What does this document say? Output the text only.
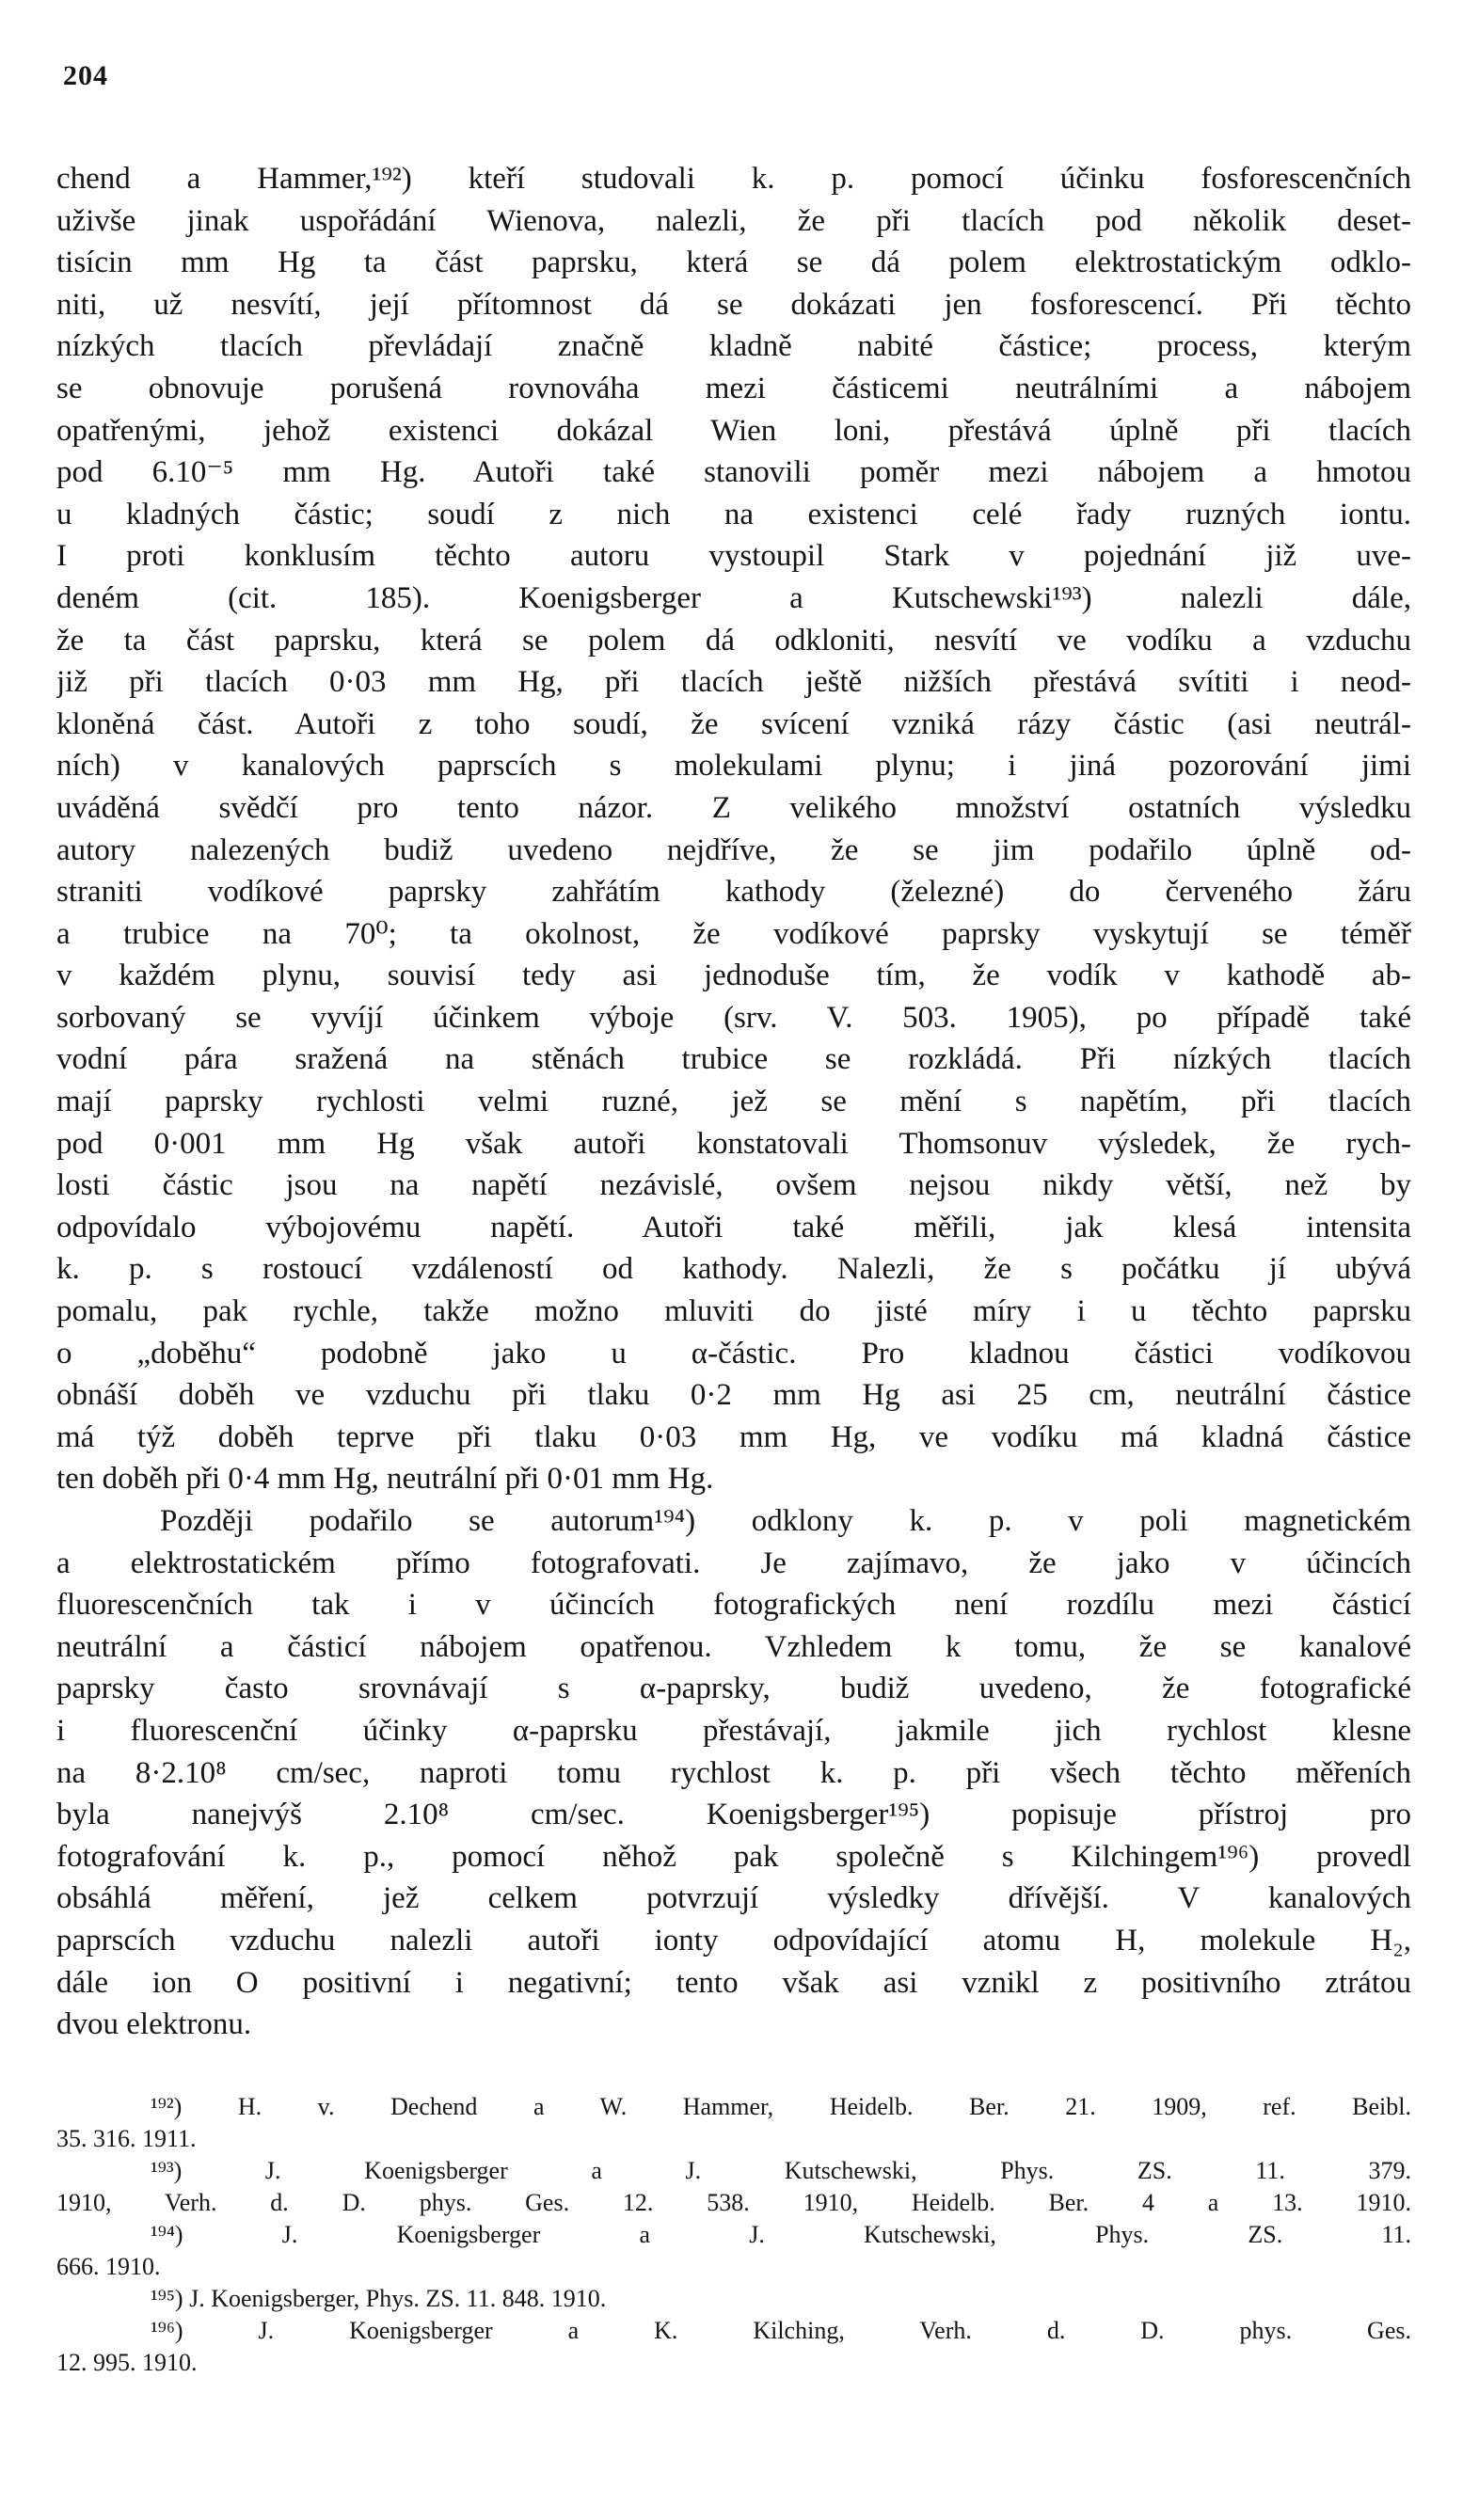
204
chend a Hammer,¹⁹²) kteří studovali k. p. pomocí účinku fosforescenčních
uživše jinak uspořádání Wienova, nalezli, že při tlacích pod několik deset-
tisícin mm Hg ta část paprsku, která se dá polem elektrostatickým odklo-
niti, už nesvítí, její přítomnost dá se dokázati jen fosforescencí. Při těchto
nízkých tlacích převládají značně kladně nabité částice; process, kterým
se obnovuje porušená rovnováha mezi částicemi neutrálními a nábojem
opatřenými, jehož existenci dokázal Wien loni, přestává úplně při tlacích
pod 6.10⁻⁵ mm Hg. Autoři také stanovili poměr mezi nábojem a hmotou
u kladných částic; soudí z nich na existenci celé řady ruzných iontu.
I proti konklusím těchto autoru vystoupil Stark v pojednání již uve-
deném (cit. 185). Koenigsberger a Kutschewski¹⁹³) nalezli dále,
že ta část paprsku, která se polem dá odkloniti, nesvítí ve vodíku a vzduchu
již při tlacích 0·03 mm Hg, při tlacích ještě nižších přestává svítiti i neod-
kloněná část. Autoři z toho soudí, že svícení vzniká rázy částic (asi neutrál-
ních) v kanalových paprscích s molekulami plynu; i jiná pozorování jimi
uváděná svědčí pro tento názor. Z velikého množství ostatních výsledku
autory nalezených budiž uvedeno nejdříve, že se jim podařilo úplně od-
straniti vodíkové paprsky zahřátím kathody (železné) do červeného žáru
a trubice na 70⁰; ta okolnost, že vodíkové paprsky vyskytují se téměř
v každém plynu, souvisí tedy asi jednoduše tím, že vodík v kathodě ab-
sorbovaný se vyvíjí účinkem výboje (srv. V. 503. 1905), po případě také
vodní pára sražená na stěnách trubice se rozkládá. Při nízkých tlacích
mají paprsky rychlosti velmi ruzné, jež se mění s napětím, při tlacích
pod 0·001 mm Hg však autoři konstatovali Thomsonuv výsledek, že rych-
losti částic jsou na napětí nezávislé, ovšem nejsou nikdy větší, než by
odpovídalo výbojovému napětí. Autoři také měřili, jak klesá intensita
k. p. s rostoucí vzdáleností od kathody. Nalezli, že s počátku jí ubývá
pomalu, pak rychle, takže možno mluviti do jisté míry i u těchto paprsku
o „doběhu“ podobně jako u α-částic. Pro kladnou částici vodíkovou
obnáší doběh ve vzduchu při tlaku 0·2 mm Hg asi 25 cm, neutrální částice
má týž doběh teprve při tlaku 0·03 mm Hg, ve vodíku má kladná částice
ten doběh při 0·4 mm Hg, neutrální při 0·01 mm Hg.
Později podařilo se autorum¹⁹⁴) odklony k. p. v poli magnetickém
a elektrostatickém přímo fotografovati. Je zajímavo, že jako v účincích
fluorescenčních tak i v účincích fotografických není rozdílu mezi částicí
neutrální a částicí nábojem opatřenou. Vzhledem k tomu, že se kanalové
paprsky často srovnávají s α-paprsky, budiž uvedeno, že fotografické
i fluorescenční účinky α-paprsku přestávají, jakmile jich rychlost klesne
na 8·2.10⁸ cm/sec, naproti tomu rychlost k. p. při všech těchto měřeních
byla nanejvýš 2.10⁸ cm/sec. Koenigsberger¹⁹⁵) popisuje přístroj pro
fotografování k. p., pomocí něhož pak společně s Kilchingem¹⁹⁶) provedl
obsáhlá měření, jež celkem potvrzují výsledky dřívější. V kanalových
paprscích vzduchu nalezli autoři ionty odpovídající atomu H, molekule H₂,
dále ion O positivní i negativní; tento však asi vznikl z positivního ztrátou
dvou elektronu.
¹⁹²) H. v. Dechend a W. Hammer, Heidelb. Ber. 21. 1909, ref. Beibl.
35. 316. 1911.
¹⁹³) J. Koenigsberger a J. Kutschewski, Phys. ZS. 11. 379.
1910, Verh. d. D. phys. Ges. 12. 538. 1910, Heidelb. Ber. 4 a 13. 1910.
¹⁹⁴) J. Koenigsberger a J. Kutschewski, Phys. ZS. 11.
666. 1910.
¹⁹⁵) J. Koenigsberger, Phys. ZS. 11. 848. 1910.
¹⁹⁶) J. Koenigsberger a K. Kilching, Verh. d. D. phys. Ges.
12. 995. 1910.
